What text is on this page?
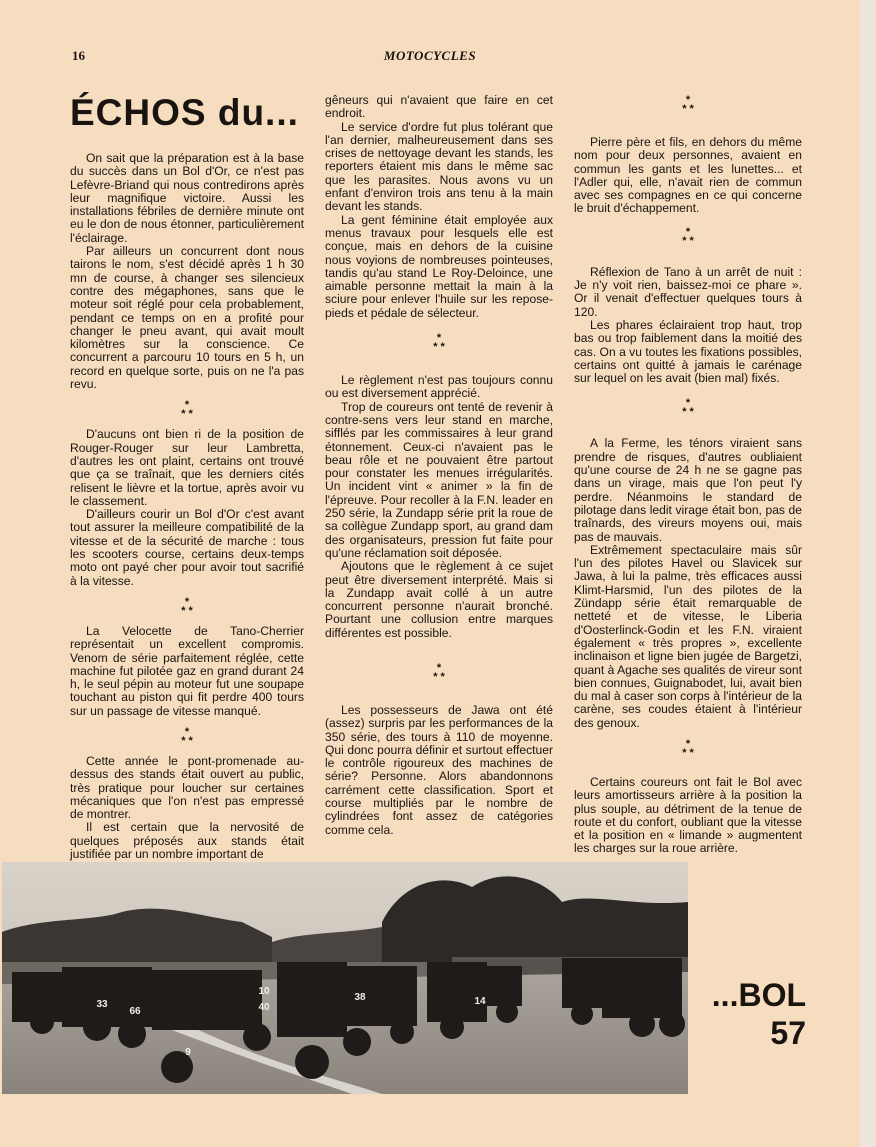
16	MOTOCYCLES
ÉCHOS du...

On sait que la préparation est à la base du succès dans un Bol d'Or, ce n'est pas Lefèvre-Briand qui nous contredirons après leur magnifique victoire. Aussi les installations fébriles de dernière minute ont eu le don de nous étonner, particulièrement l'éclairage.

Par ailleurs un concurrent dont nous tairons le nom, s'est décidé après 1 h 30 mn de course, à changer ses silencieux contre des mégaphones, sans que le moteur soit réglé pour cela probablement, pendant ce temps on en a profité pour changer le pneu avant, qui avait moult kilomètres sur la conscience. Ce concurrent a parcouru 10 tours en 5 h, un record en quelque sorte, puis on ne l'a pas revu.

*
* *

D'aucuns ont bien ri de la position de Rouger-Rouger sur leur Lambretta, d'autres les ont plaint, certains ont trouvé que ça se traînait, que les derniers cités relisent le lièvre et la tortue, après avoir vu le classement.

D'ailleurs courir un Bol d'Or c'est avant tout assurer la meilleure compatibilité de la vitesse et de la sécurité de marche : tous les scooters course, certains deux-temps moto ont payé cher pour avoir tout sacrifié à la vitesse.

*
* *

La Velocette de Tano-Cherrier représentait un excellent compromis. Venom de série parfaitement réglée, cette machine fut pilotée gaz en grand durant 24 h, le seul pépin au moteur fut une soupape touchant au piston qui fit perdre 400 tours sur un passage de vitesse manqué.

*
* *

Cette année le pont-promenade au-dessus des stands était ouvert au public, très pratique pour loucher sur certaines mécaniques que l'on n'est pas empressé de montrer.

Il est certain que la nervosité de quelques préposés aux stands était justifiée par un nombre important de

gêneurs qui n'avaient que faire en cet endroit.

Le service d'ordre fut plus tolérant que l'an dernier, malheureusement dans ses crises de nettoyage devant les stands, les reporters étaient mis dans le même sac que les parasites. Nous avons vu un enfant d'environ trois ans tenu à la main devant les stands.

La gent féminine était employée aux menus travaux pour lesquels elle est conçue, mais en dehors de la cuisine nous voyions de nombreuses pointeuses, tandis qu'au stand Le Roy-Deloince, une aimable personne mettait la main à la sciure pour enlever l'huile sur les repose-pieds et pédale de sélecteur.

*
* *

Le règlement n'est pas toujours connu ou est diversement apprécié.

Trop de coureurs ont tenté de revenir à contre-sens vers leur stand en marche, sifflés par les commissaires à leur grand étonnement. Ceux-ci n'avaient pas le beau rôle et ne pouvaient être partout pour constater les menues irrégularités. Un incident vint « animer » la fin de l'épreuve. Pour recoller à la F.N. leader en 250 série, la Zundapp série prit la roue de sa collègue Zundapp sport, au grand dam des organisateurs, pression fut faite pour qu'une réclamation soit déposée.

Ajoutons que le règlement à ce sujet peut être diversement interprété. Mais si la Zundapp avait collé à un autre concurrent personne n'aurait bronché. Pourtant une collusion entre marques différentes est possible.

*
* *

Les possesseurs de Jawa ont été (assez) surpris par les performances de la 350 série, des tours à 110 de moyenne. Qui donc pourra définir et surtout effectuer le contrôle rigoureux des machines de série? Personne. Alors abandonnons carrément cette classification. Sport et course multipliés par le nombre de cylindrées font assez de catégories comme cela.

*
* *

Pierre père et fils, en dehors du même nom pour deux personnes, avaient en commun les gants et les lunettes... et l'Adler qui, elle, n'avait rien de commun avec ses compagnes en ce qui concerne le bruit d'échappement.

*
* *

Réflexion de Tano à un arrêt de nuit : Je n'y voit rien, baissez-moi ce phare ». Or il venait d'effectuer quelques tours à 120.

Les phares éclairaient trop haut, trop bas ou trop faiblement dans la moitié des cas. On a vu toutes les fixations possibles, certains ont quitté à jamais le carénage sur lequel on les avait (bien mal) fixés.

*
* *

A la Ferme, les ténors viraient sans prendre de risques, d'autres oubliaient qu'une course de 24 h ne se gagne pas dans un virage, mais que l'on peut l'y perdre. Néanmoins le standard de pilotage dans ledit virage était bon, pas de traînards, des vireurs moyens oui, mais pas de mauvais.

Extrêmement spectaculaire mais sûr l'un des pilotes Havel ou Slavicek sur Jawa, à lui la palme, très efficaces aussi Klimt-Harsmid, l'un des pilotes de la Zündapp série était remarquable de netteté et de vitesse, le Liberia d'Oosterlinck-Godin et les F.N. viraient également « très propres », excellente inclinaison et ligne bien jugée de Bargetzi, quant à Agache ses qualités de vireur sont bien connues, Guignabodet, lui, avait bien du mal à caser son corps à l'intérieur de la carène, ses coudes étaient à l'intérieur des genoux.

*
* *

Certains coureurs ont fait le Bol avec leurs amortisseurs arrière à la position la plus souple, au détriment de la tenue de route et du confort, oubliant que la vitesse et la position en « limande » augmentent les charges sur la roue arrière.

33
66
9
40
38	14
10	...BOL
57
